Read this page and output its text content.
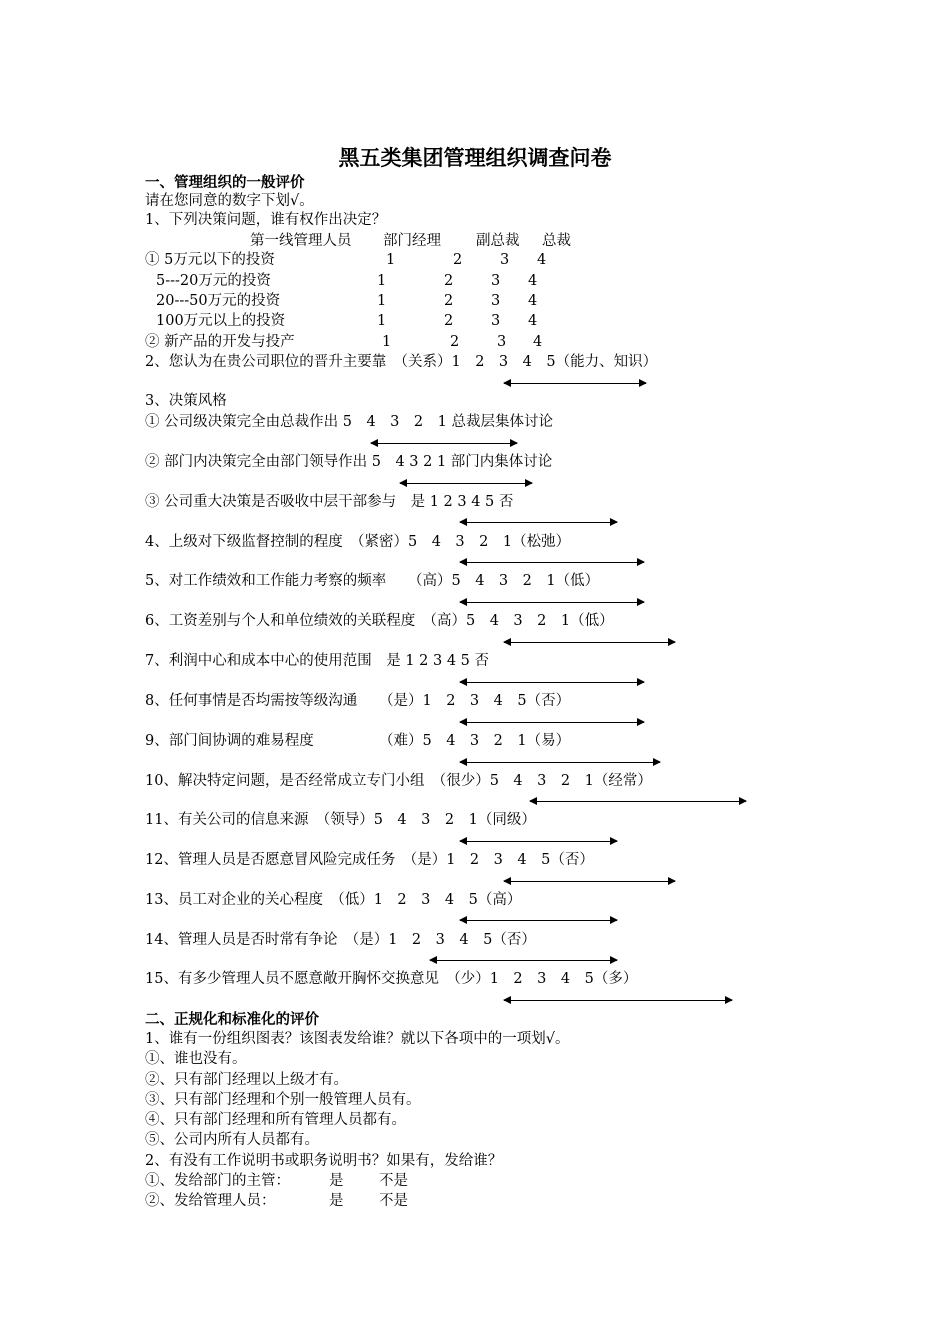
黑五类集团管理组织调查问卷
一、管理组织的一般评价
请在您同意的数字下划√。
1、下列决策问题，谁有权作出决定？
第一线管理人员 部门经理 副总裁 总裁
① 5万元以下的投资	1	2	3 4
5---20万元的投资	1	2	3 4
20---50万元的投资	1	2	3 4
100万元以上的投资	1	2	3 4
② 新产品的开发与投产	1	2	3 4
2、您认为在贵公司职位的晋升主要靠　（关系）1　2　3　4　5（能力、知识）
3、决策风格
① 公司级决策完全由总裁作出 5　4　3　2　1 总裁层集体讨论
② 部门内决策完全由部门领导作出 5　4 3 2 1 部门内集体讨论
③ 公司重大决策是否吸收中层干部参与　是 1 2 3 4 5 否
4、上级对下级监督控制的程度　（紧密）5　4　3　2　1（松弛）
5、对工作绩效和工作能力考察的频率　　（高）5　4　3　2　1（低）
6、工资差别与个人和单位绩效的关联程度　（高）5　4　3　2　1（低）
7、利润中心和成本中心的使用范围　是 1 2 3 4 5 否
8、任何事情是否均需按等级沟通　　（是）1　2　3　4　5（否）
9、部门间协调的难易程度　　　　　（难）5　4　3　2　1（易）
10、解决特定问题，是否经常成立专门小组　（很少）5　4　3　2　1（经常）
11、有关公司的信息来源　（领导）5　4　3　2　1（同级）
12、管理人员是否愿意冒风险完成任务　（是）1　2　3　4　5（否）
13、员工对企业的关心程度　（低）1　2　3　4　5（高）
14、管理人员是否时常有争论　（是）1　2　3　4　5（否）
15、有多少管理人员不愿意敞开胸怀交换意见　（少）1　2　3　4　5（多）
二、正规化和标准化的评价
1、谁有一份组织图表？该图表发给谁？就以下各项中的一项划√。
①、谁也没有。
②、只有部门经理以上级才有。
③、只有部门经理和个别一般管理人员有。
④、只有部门经理和所有管理人员都有。
⑤、公司内所有人员都有。
2、有没有工作说明书或职务说明书？如果有，发给谁？
①、发给部门的主管：	是 不是
②、发给管理人员：	是 不是
